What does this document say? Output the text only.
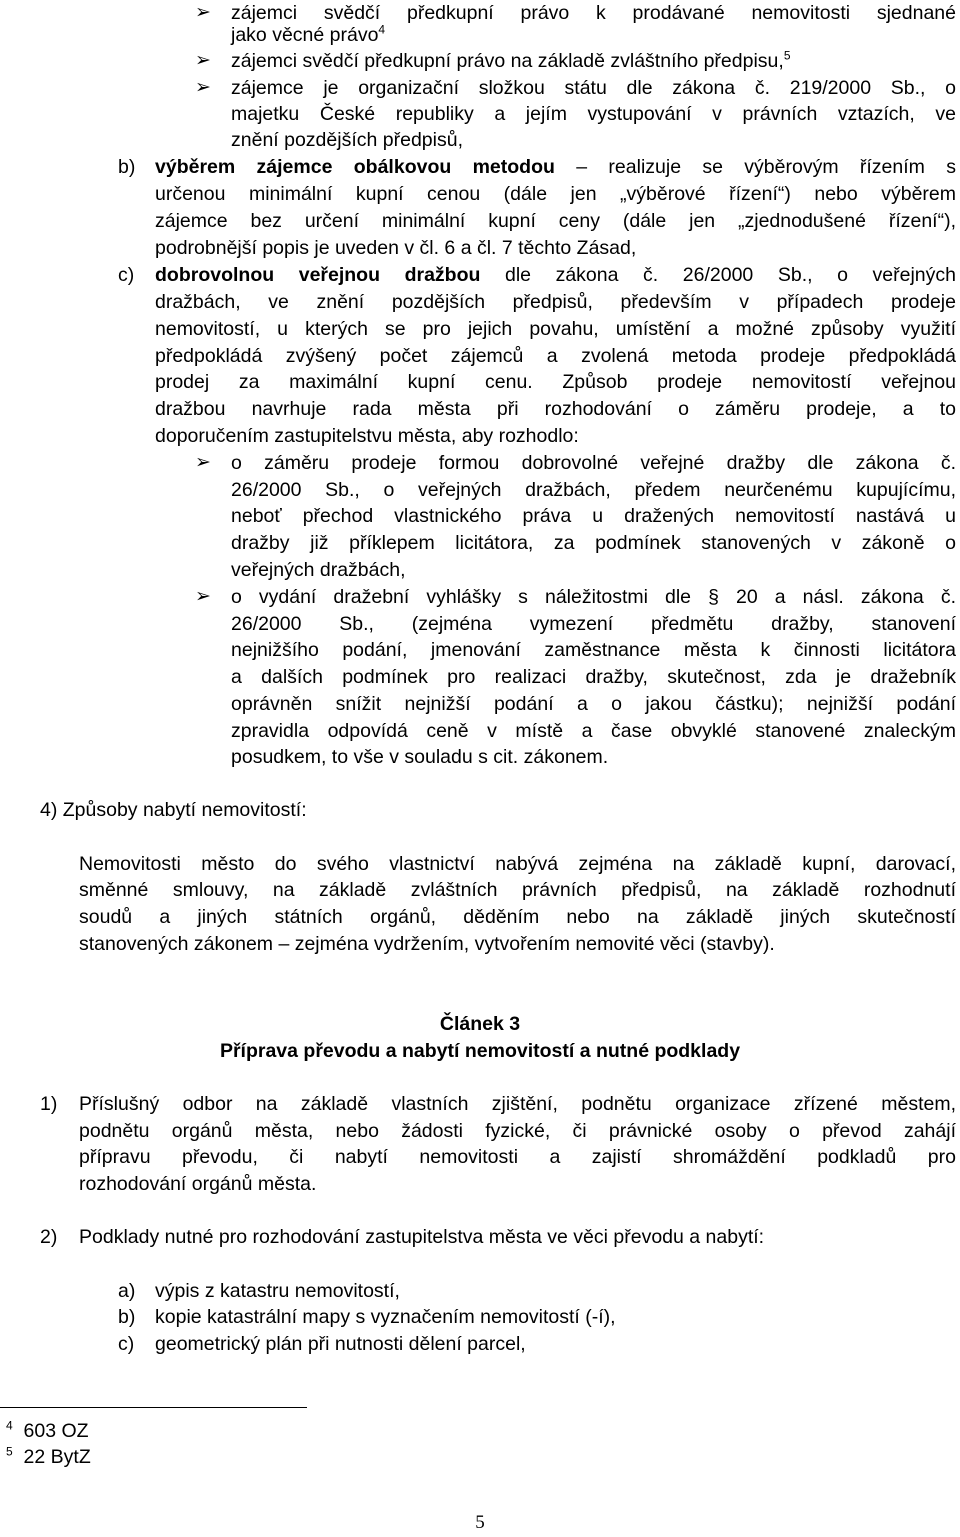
➢ zájemci svědčí předkupní právo k prodávané nemovitosti sjednané
jako věcné právo$^4$
➢ zájemci svědčí předkupní právo na základě zvláštního předpisu,$^5$
➢ zájemce je organizační složkou státu dle zákona č. 219/2000 Sb., o
majetku České republiky a jejím vystupování v právních vztazích, ve
znění pozdějších předpisů,
b) výběrem zájemce obálkovou metodou – realizuje se výběrovým řízením s
určenou minimální kupní cenou (dále jen „výběrové řízení“) nebo výběrem
zájemce bez určení minimální kupní ceny (dále jen „zjednodušené řízení“),
podrobnější popis je uveden v čl. 6 a čl. 7 těchto Zásad,
c) dobrovolnou veřejnou dražbou dle zákona č. 26/2000 Sb., o veřejných
dražbách, ve znění pozdějších předpisů, především v případech prodeje
nemovitostí, u kterých se pro jejich povahu, umístění a možné způsoby využití
předpokládá zvýšený počet zájemců a zvolená metoda prodeje předpokládá
prodej za maximální kupní cenu. Způsob prodeje nemovitostí veřejnou
dražbou navrhuje rada města při rozhodování o záměru prodeje, a to
doporučením zastupitelstvu města, aby rozhodlo:
➢ o záměru prodeje formou dobrovolné veřejné dražby dle zákona č.
26/2000 Sb., o veřejných dražbách, předem neurčenému kupujícímu,
neboť přechod vlastnického práva u dražených nemovitostí nastává u
dražby již příklepem licitátora, za podmínek stanovených v zákoně o
veřejných dražbách,
➢ o vydání dražební vyhlášky s náležitostmi dle § 20 a násl. zákona č.
26/2000 Sb., (zejména vymezení předmětu dražby, stanovení
nejnižšího podání, jmenování zaměstnance města k činnosti licitátora
a dalších podmínek pro realizaci dražby, skutečnost, zda je dražebník
oprávněn snížit nejnižší podání a o jakou částku); nejnižší podání
zpravidla odpovídá ceně v místě a čase obvyklé stanovené znaleckým
posudkem, to vše v souladu s cit. zákonem.
4) Způsoby nabytí nemovitostí:
Nemovitosti město do svého vlastnictví nabývá zejména na základě kupní, darovací,
směnné smlouvy, na základě zvláštních právních předpisů, na základě rozhodnutí
soudů a jiných státních orgánů, děděním nebo na základě jiných skutečností
stanovených zákonem – zejména vydržením, vytvořením nemovité věci (stavby).
Článek 3
Příprava převodu a nabytí nemovitostí a nutné podklady
1) Příslušný odbor na základě vlastních zjištění, podnětu organizace zřízené městem,
podnětu orgánů města, nebo žádosti fyzické, či právnické osoby o převod zahájí
přípravu převodu, či nabytí nemovitosti a zajistí shromáždění podkladů pro
rozhodování orgánů města.
2) Podklady nutné pro rozhodování zastupitelstva města ve věci převodu a nabytí:
a) výpis z katastru nemovitostí,
b) kopie katastrální mapy s vyznačením nemovitostí (-í),
c) geometrický plán při nutnosti dělení parcel,
$^4$ 603 OZ
$^5$ 22 BytZ
5
